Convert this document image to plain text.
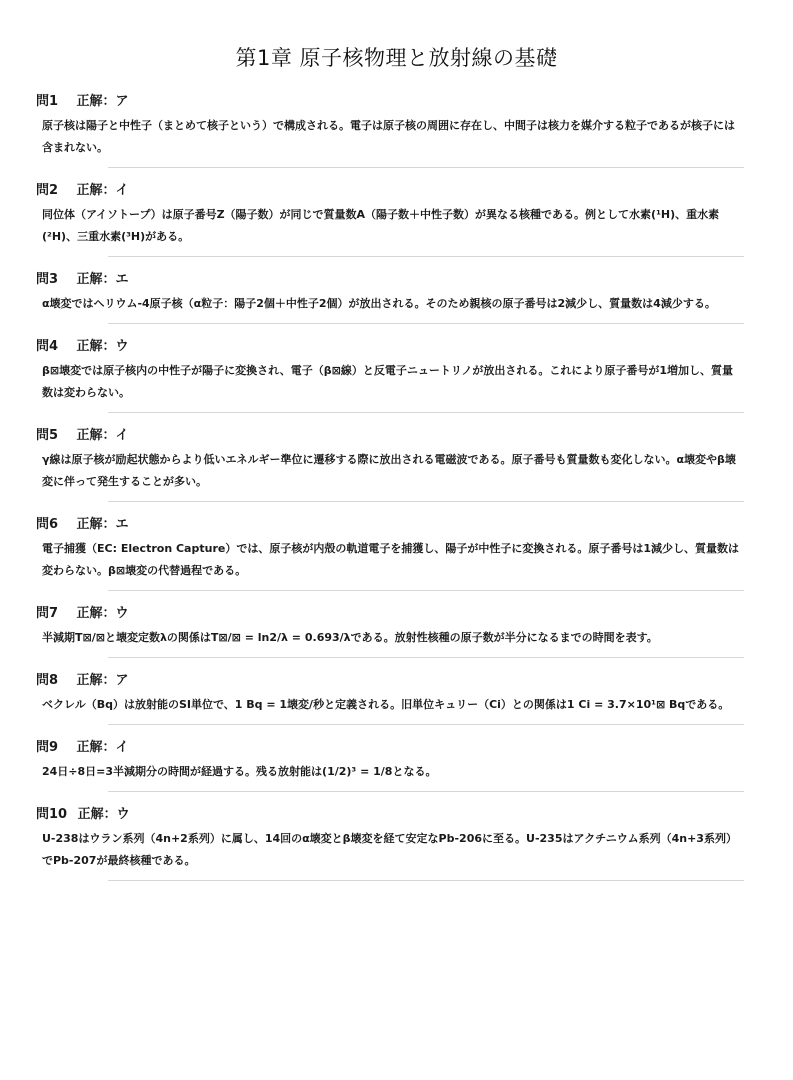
第1章 原子核物理と放射線の基礎
問1 正解：ア
原子核は陽子と中性子（まとめて核子という）で構成される。電子は原子核の周囲に存在し、中間子は核力を媒介する粒子であるが核子には含まれない。
問2 正解：イ
同位体（アイソトープ）は原子番号Z（陽子数）が同じで質量数A（陽子数＋中性子数）が異なる核種である。例として水素(¹H)、重水素(²H)、三重水素(³H)がある。
問3 正解：エ
α壊変ではヘリウム-4原子核（α粒子：陽子2個＋中性子2個）が放出される。そのため親核の原子番号は2減少し、質量数は4減少する。
問4 正解：ウ
β⊠壊変では原子核内の中性子が陽子に変換され、電子（β⊠線）と反電子ニュートリノが放出される。これにより原子番号が1増加し、質量数は変わらない。
問5 正解：イ
γ線は原子核が励起状態からより低いエネルギー準位に遷移する際に放出される電磁波である。原子番号も質量数も変化しない。α壊変やβ壊変に伴って発生することが多い。
問6 正解：エ
電子捕獲（EC: Electron Capture）では、原子核が内殻の軌道電子を捕獲し、陽子が中性子に変換される。原子番号は1減少し、質量数は変わらない。β⊠壊変の代替過程である。
問7 正解：ウ
半減期T⊠/⊠と壊変定数λの関係はT⊠/⊠ = ln2/λ = 0.693/λである。放射性核種の原子数が半分になるまでの時間を表す。
問8 正解：ア
ベクレル（Bq）は放射能のSI単位で、1 Bq = 1壊変/秒と定義される。旧単位キュリー（Ci）との関係は1 Ci = 3.7×10¹⊠ Bqである。
問9 正解：イ
24日÷8日=3半減期分の時間が経過する。残る放射能は(1/2)³ = 1/8となる。
問10 正解：ウ
U-238はウラン系列（4n+2系列）に属し、14回のα壊変とβ壊変を経て安定なPb-206に至る。U-235はアクチニウム系列（4n+3系列）でPb-207が最終核種である。
